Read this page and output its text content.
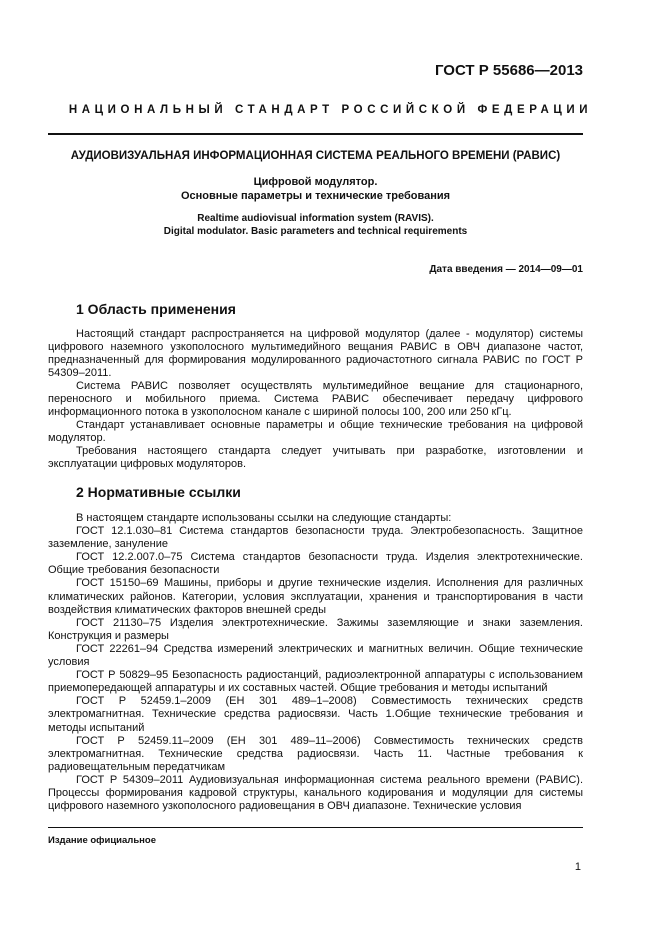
ГОСТ Р 55686—2013
НАЦИОНАЛЬНЫЙ СТАНДАРТ РОССИЙСКОЙ ФЕДЕРАЦИИ
АУДИОВИЗУАЛЬНАЯ ИНФОРМАЦИОННАЯ СИСТЕМА РЕАЛЬНОГО ВРЕМЕНИ (РАВИС)
Цифровой модулятор.
Основные параметры и технические требования
Realtime audiovisual information system (RAVIS).
Digital modulator. Basic parameters and technical requirements
Дата введения — 2014—09—01
1 Область применения

Настоящий стандарт распространяется на цифровой модулятор (далее - модулятор) системы цифрового наземного узкополосного мультимедийного вещания РАВИС в ОВЧ диапазоне частот, предназначенный для формирования модулированного радиочастотного сигнала РАВИС по ГОСТ Р 54309–2011.

Система РАВИС позволяет осуществлять мультимедийное вещание для стационарного, переносного и мобильного приема. Система РАВИС обеспечивает передачу цифрового информационного потока в узкополосном канале с шириной полосы 100, 200 или 250 кГц.

Стандарт устанавливает основные параметры и общие технические требования на цифровой модулятор.

Требования настоящего стандарта следует учитывать при разработке, изготовлении и эксплуатации цифровых модуляторов.

2 Нормативные ссылки

В настоящем стандарте использованы ссылки на следующие стандарты:

ГОСТ 12.1.030–81 Система стандартов безопасности труда. Электробезопасность. Защитное заземление, зануление

ГОСТ 12.2.007.0–75 Система стандартов безопасности труда. Изделия электротехнические. Общие требования безопасности

ГОСТ 15150–69 Машины, приборы и другие технические изделия. Исполнения для различных климатических районов. Категории, условия эксплуатации, хранения и транспортирования в части воздействия климатических факторов внешней среды

ГОСТ 21130–75 Изделия электротехнические. Зажимы заземляющие и знаки заземления. Конструкция и размеры

ГОСТ 22261–94 Средства измерений электрических и магнитных величин. Общие технические условия

ГОСТ Р 50829–95 Безопасность радиостанций, радиоэлектронной аппаратуры с использованием приемопередающей аппаратуры и их составных частей. Общие требования и методы испытаний

ГОСТ Р 52459.1–2009 (ЕН 301 489–1–2008) Совместимость технических средств электромагнитная. Технические средства радиосвязи. Часть 1.Общие технические требования и методы испытаний

ГОСТ Р 52459.11–2009 (ЕН 301 489–11–2006) Совместимость технических средств электромагнитная. Технические средства радиосвязи. Часть 11. Частные требования к радиовещательным передатчикам

ГОСТ Р 54309–2011 Аудиовизуальная информационная система реального времени (РАВИС). Процессы формирования кадровой структуры, канального кодирования и модуляции для системы цифрового наземного узкополосного радиовещания в ОВЧ диапазоне. Технические условия

Издание официальное
1
